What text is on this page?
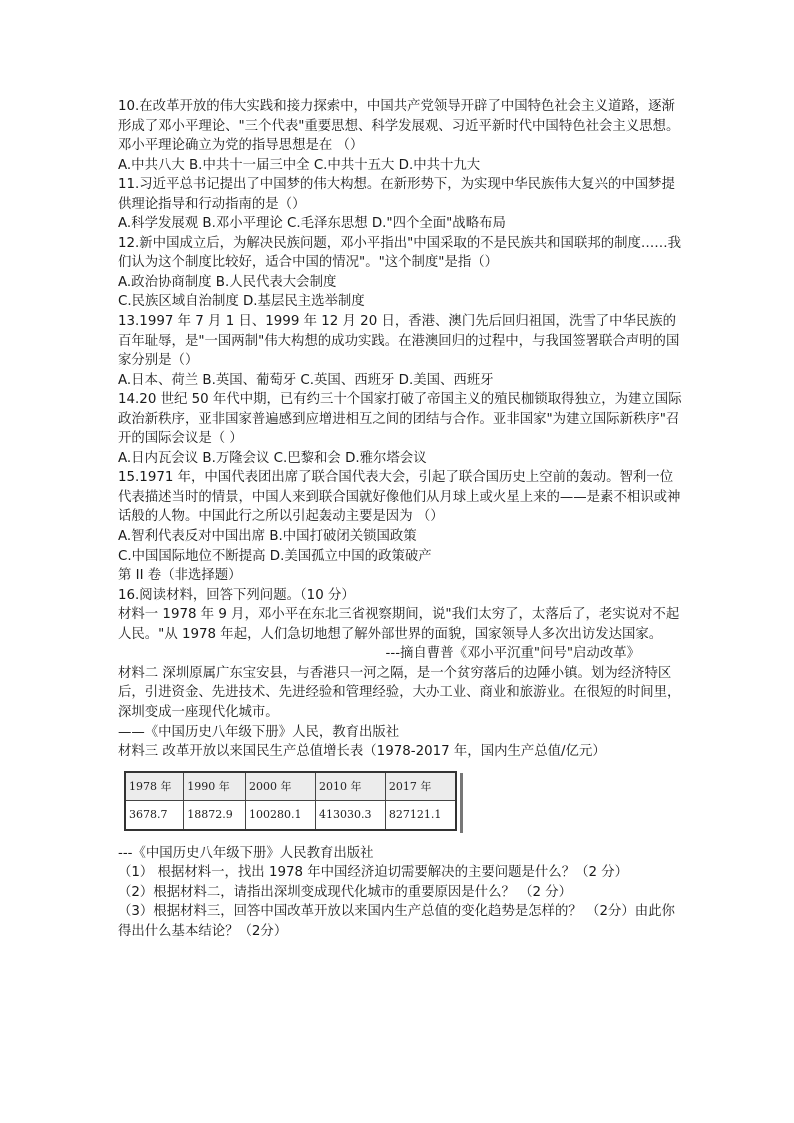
10.在改革开放的伟大实践和接力探索中，中国共产党领导开辟了中国特色社会主义道路，逐渐形成了邓小平理论、"三个代表"重要思想、科学发展观、习近平新时代中国特色社会主义思想。邓小平理论确立为党的指导思想是在 （）

A.中共八大 B.中共十一届三中全 C.中共十五大 D.中共十九大

11.习近平总书记提出了中国梦的伟大构想。在新形势下，为实现中华民族伟大复兴的中国梦提供理论指导和行动指南的是（）

A.科学发展观 B.邓小平理论 C.毛泽东思想 D."四个全面"战略布局

12.新中国成立后，为解决民族问题，邓小平指出"中国采取的不是民族共和国联邦的制度……我们认为这个制度比较好，适合中国的情况"。"这个制度"是指（）

A.政治协商制度 B.人民代表大会制度

C.民族区域自治制度 D.基层民主选举制度

13.1997 年 7 月 1 日、1999 年 12 月 20 日，香港、澳门先后回归祖国，洗雪了中华民族的百年耻辱，是"一国两制"伟大构想的成功实践。在港澳回归的过程中，与我国签署联合声明的国家分别是（）

A.日本、荷兰 B.英国、葡萄牙 C.英国、西班牙 D.美国、西班牙

14.20 世纪 50 年代中期，已有约三十个国家打破了帝国主义的殖民枷锁取得独立，为建立国际政治新秩序，亚非国家普遍感到应增进相互之间的团结与合作。亚非国家"为建立国际新秩序"召开的国际会议是（ ）

A.日内瓦会议 B.万隆会议 C.巴黎和会 D.雅尔塔会议

15.1971 年，中国代表团出席了联合国代表大会，引起了联合国历史上空前的轰动。智利一位代表描述当时的情景，中国人来到联合国就好像他们从月球上或火星上来的——是素不相识或神话般的人物。中国此行之所以引起轰动主要是因为 （）

A.智利代表反对中国出席 B.中国打破闭关锁国政策

C.中国国际地位不断提高 D.美国孤立中国的政策破产

第 II 卷（非选择题）

16.阅读材料，回答下列问题。（10 分）

材料一 1978 年 9 月，邓小平在东北三省视察期间，说"我们太穷了，太落后了，老实说对不起人民。"从 1978 年起，人们急切地想了解外部世界的面貌，国家领导人多次出访发达国家。

---摘自曹普《邓小平沉重"问号"启动改革》

材料二 深圳原属广东宝安县，与香港只一河之隔，是一个贫穷落后的边陲小镇。划为经济特区后，引进资金、先进技术、先进经验和管理经验，大办工业、商业和旅游业。在很短的时间里，深圳变成一座现代化城市。

——《中国历史八年级下册》人民，教育出版社

材料三 改革开放以来国民生产总值增长表（1978-2017 年，国内生产总值/亿元）

1978 年	1990 年	2000 年	2010 年	2017 年
3678.7	18872.9	100280.1	413030.3	827121.1

---《中国历史八年级下册》人民教育出版社

（1） 根据材料一，找出 1978 年中国经济迫切需要解决的主要问题是什么？（2 分）

（2）根据材料二，请指出深圳变成现代化城市的重要原因是什么？ （2 分）

（3）根据材料三，回答中国改革开放以来国内生产总值的变化趋势是怎样的？ （2分）由此你得出什么基本结论？（2分）
